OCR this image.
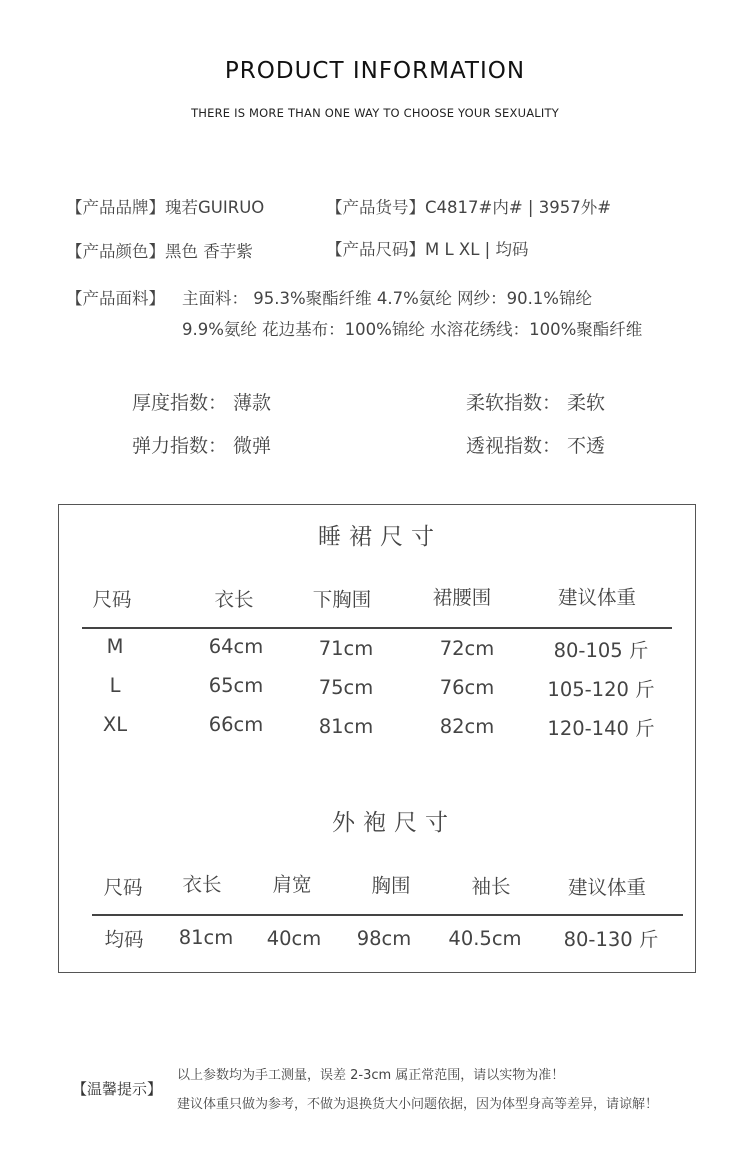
PRODUCT INFORMATION
THERE IS MORE THAN ONE WAY TO CHOOSE YOUR SEXUALITY
【产品品牌】瑰若GUIRUO	【产品货号】C4817#内# | 3957外#
【产品颜色】黑色 香芋紫	【产品尺码】M L XL | 均码
【产品面料】 主面料： 95.3%聚酯纤维 4.7%氨纶 网纱：90.1%锦纶
9.9%氨纶 花边基布：100%锦纶 水溶花绣线：100%聚酯纤维
厚度指数： 薄款	柔软指数： 柔软
弹力指数： 微弹	透视指数： 不透
睡裙尺寸
尺码	衣长	下胸围	裙腰围	建议体重
M	64cm	71cm	72cm	80-105 斤
L	65cm	75cm	76cm	105-120 斤
XL	66cm	81cm	82cm	120-140 斤
外袍尺寸
尺码	衣长	肩宽	胸围	袖长	建议体重
均码	81cm	40cm	98cm	40.5cm	80-130 斤
【温馨提示】
以上参数均为手工测量，误差 2-3cm 属正常范围，请以实物为准！
建议体重只做为参考，不做为退换货大小问题依据，因为体型身高等差异，请谅解！
